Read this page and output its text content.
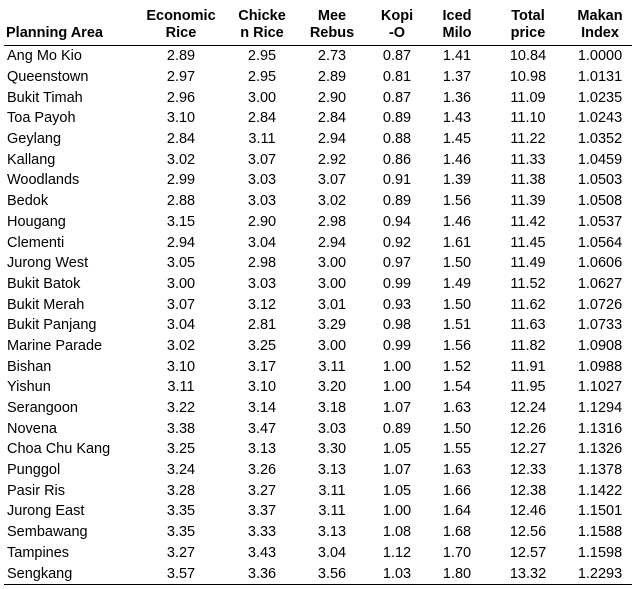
Planning Area	Economic Rice	Chicke n Rice	Mee Rebus	Kopi -O	Iced Milo	Total price	Makan Index
Ang Mo Kio	2.89	2.95	2.73	0.87	1.41	10.84	1.0000
Queenstown	2.97	2.95	2.89	0.81	1.37	10.98	1.0131
Bukit Timah	2.96	3.00	2.90	0.87	1.36	11.09	1.0235
Toa Payoh	3.10	2.84	2.84	0.89	1.43	11.10	1.0243
Geylang	2.84	3.11	2.94	0.88	1.45	11.22	1.0352
Kallang	3.02	3.07	2.92	0.86	1.46	11.33	1.0459
Woodlands	2.99	3.03	3.07	0.91	1.39	11.38	1.0503
Bedok	2.88	3.03	3.02	0.89	1.56	11.39	1.0508
Hougang	3.15	2.90	2.98	0.94	1.46	11.42	1.0537
Clementi	2.94	3.04	2.94	0.92	1.61	11.45	1.0564
Jurong West	3.05	2.98	3.00	0.97	1.50	11.49	1.0606
Bukit Batok	3.00	3.03	3.00	0.99	1.49	11.52	1.0627
Bukit Merah	3.07	3.12	3.01	0.93	1.50	11.62	1.0726
Bukit Panjang	3.04	2.81	3.29	0.98	1.51	11.63	1.0733
Marine Parade	3.02	3.25	3.00	0.99	1.56	11.82	1.0908
Bishan	3.10	3.17	3.11	1.00	1.52	11.91	1.0988
Yishun	3.11	3.10	3.20	1.00	1.54	11.95	1.1027
Serangoon	3.22	3.14	3.18	1.07	1.63	12.24	1.1294
Novena	3.38	3.47	3.03	0.89	1.50	12.26	1.1316
Choa Chu Kang	3.25	3.13	3.30	1.05	1.55	12.27	1.1326
Punggol	3.24	3.26	3.13	1.07	1.63	12.33	1.1378
Pasir Ris	3.28	3.27	3.11	1.05	1.66	12.38	1.1422
Jurong East	3.35	3.37	3.11	1.00	1.64	12.46	1.1501
Sembawang	3.35	3.33	3.13	1.08	1.68	12.56	1.1588
Tampines	3.27	3.43	3.04	1.12	1.70	12.57	1.1598
Sengkang	3.57	3.36	3.56	1.03	1.80	13.32	1.2293
